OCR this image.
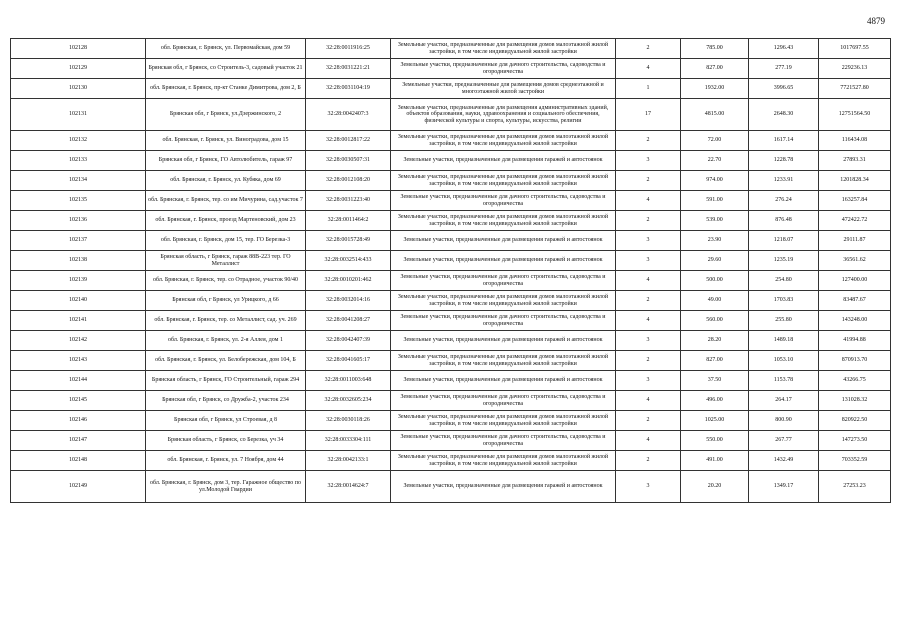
4879
102128	обл. Брянская, г. Брянск, ул. Первомайская, дом 59	32:28:0011916:25	Земельные участки, предназначенные для размещения домов малоэтажной жилой застройки, в том числе индивидуальной жилой застройки	2	785.00	1296.43	1017697.55
102129	Брянская обл, г Брянск, со Строитель-3, садовый участок 21	32:28:0031221:21	Земельные участки, предназначенные для дачного строительства, садоводства и огородничества	4	827.00	277.19	229236.13
102130	обл. Брянская, г. Брянск, пр-кт Станке Димитрова, дом 2, Б	32:28:0031104:19	Земельные участки, предназначенные для размещения домов среднеэтажной и многоэтажной жилой застройки	1	1932.00	3996.65	7721527.80
102131	Брянская обл, г Брянск, ул.Дзержинского, 2	32:28:0042407:3	Земельные участки, предназначенные для размещения административных зданий, объектов образования, науки, здравоохранения и социального обеспечения, физической культуры и спорта, культуры, искусства, религии	17	4815.00	2648.30	12751564.50
102132	обл. Брянская, г. Брянск, ул. Виноградова, дом 15	32:28:0012817:22	Земельные участки, предназначенные для размещения домов малоэтажной жилой застройки, в том числе индивидуальной жилой застройки	2	72.00	1617.14	116434.08
102133	Брянская обл, г Брянск, ГО Автолюбитель, гараж 97	32:28:0030507:31	Земельные участки, предназначенные для размещения гаражей и автостоянок	3	22.70	1228.78	27893.31
102134	обл. Брянская, г. Брянск, ул. Кубяка, дом 69	32:28:0012108:20	Земельные участки, предназначенные для размещения домов малоэтажной жилой застройки, в том числе индивидуальной жилой застройки	2	974.00	1233.91	1201828.34
102135	обл. Брянская, г. Брянск, тер. со им Мичурина, сад.участок 7	32:28:0031223:40	Земельные участки, предназначенные для дачного строительства, садоводства и огородничества	4	591.00	276.24	163257.84
102136	обл. Брянская, г. Брянск, проезд Мартеновский, дом 23	32:28:0011464:2	Земельные участки, предназначенные для размещения домов малоэтажной жилой застройки, в том числе индивидуальной жилой застройки	2	539.00	876.48	472422.72
102137	обл. Брянская, г. Брянск, дом 15, тер. ГО Березка-3	32:28:0015728:49	Земельные участки, предназначенные для размещения гаражей и автостоянок	3	23.90	1218.07	29111.87
102138	Брянская область, г Брянск, гараж 88В-223 тер. ГО Металлист	32:28:0032514:433	Земельные участки, предназначенные для размещения гаражей и автостоянок	3	29.60	1235.19	36561.62
102139	обл. Брянская, г. Брянск, тер. со Отрадное, участок 90/40	32:28:0010201:462	Земельные участки, предназначенные для дачного строительства, садоводства и огородничества	4	500.00	254.80	127400.00
102140	Брянская обл, г Брянск, ул Урицкого, д 66	32:28:0032014:16	Земельные участки, предназначенные для размещения домов малоэтажной жилой застройки, в том числе индивидуальной жилой застройки	2	49.00	1703.83	83487.67
102141	обл. Брянская, г. Брянск, тер. со Металлист, сад. уч. 269	32:28:0041208:27	Земельные участки, предназначенные для дачного строительства, садоводства и огородничества	4	560.00	255.80	143248.00
102142	обл. Брянская, г. Брянск, ул. 2-я Аллея, дом 1	32:28:0042407:39	Земельные участки, предназначенные для размещения гаражей и автостоянок	3	28.20	1489.18	41994.88
102143	обл. Брянская, г. Брянск, ул. Белобережская, дом 104, Б	32:28:0041605:17	Земельные участки, предназначенные для размещения домов малоэтажной жилой застройки, в том числе индивидуальной жилой застройки	2	827.00	1053.10	870913.70
102144	Брянская область, г Брянск, ГО Строительный, гараж 294	32:28:0011003:648	Земельные участки, предназначенные для размещения гаражей и автостоянок	3	37.50	1153.78	43266.75
102145	Брянская обл, г Брянск, со Дружба-2, участок 234	32:28:0032605:234	Земельные участки, предназначенные для дачного строительства, садоводства и огородничества	4	496.00	264.17	131028.32
102146	Брянская обл, г Брянск, ул Строевая, д 8	32:28:0030118:26	Земельные участки, предназначенные для размещения домов малоэтажной жилой застройки, в том числе индивидуальной жилой застройки	2	1025.00	800.90	820922.50
102147	Брянская область, г Брянск, со Березка, уч 34	32:28:0033304:111	Земельные участки, предназначенные для дачного строительства, садоводства и огородничества	4	550.00	267.77	147273.50
102148	обл. Брянская, г. Брянск, ул. 7 Ноября, дом 44	32:28:0042133:1	Земельные участки, предназначенные для размещения домов малоэтажной жилой застройки, в том числе индивидуальной жилой застройки	2	491.00	1432.49	703352.59
102149	обл. Брянская, г. Брянск, дом 3, тер. Гаражное общество по ул.Молодой Гвардии	32:28:0014624:7	Земельные участки, предназначенные для размещения гаражей и автостоянок	3	20.20	1349.17	27253.23
